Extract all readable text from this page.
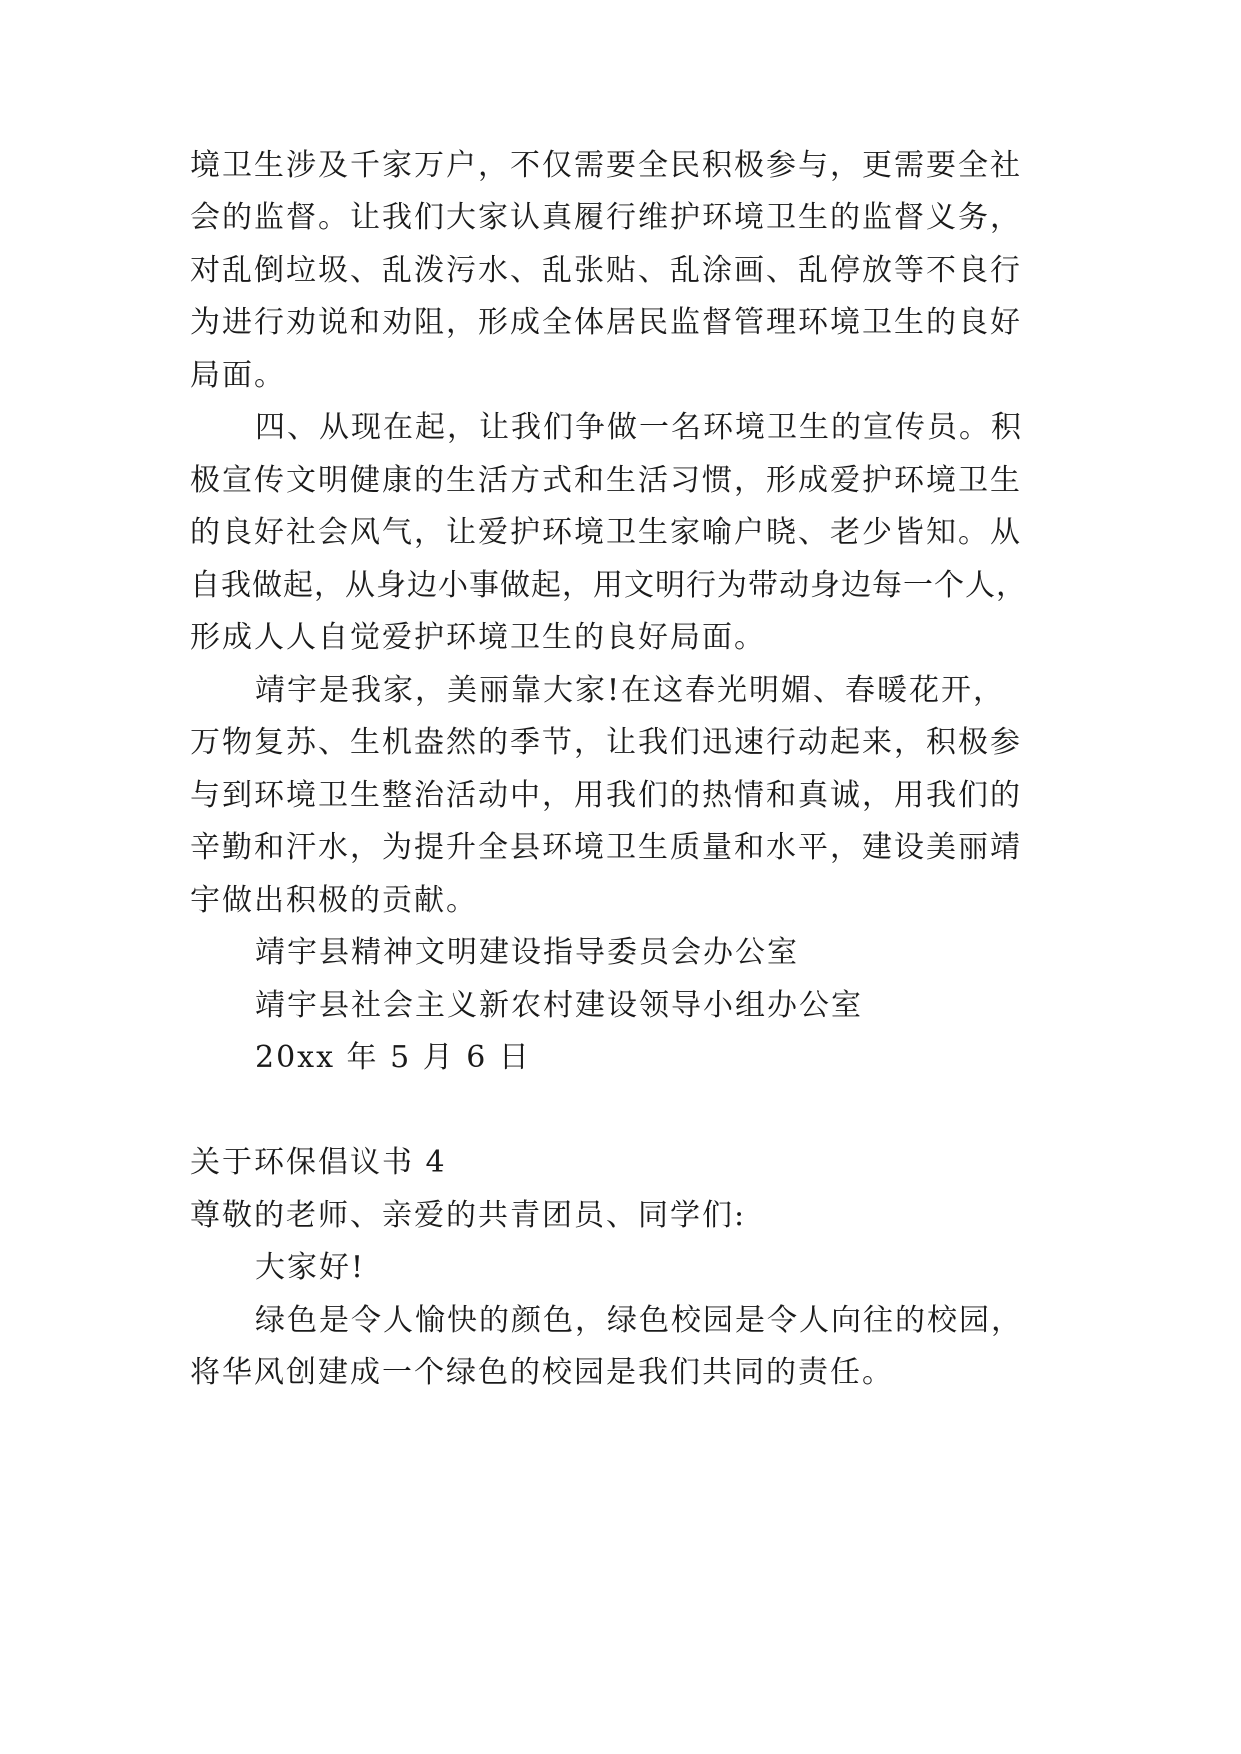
境卫生涉及千家万户，不仅需要全民积极参与，更需要全社
会的监督。让我们大家认真履行维护环境卫生的监督义务，
对乱倒垃圾、乱泼污水、乱张贴、乱涂画、乱停放等不良行
为进行劝说和劝阻，形成全体居民监督管理环境卫生的良好
局面。
四、从现在起，让我们争做一名环境卫生的宣传员。积
极宣传文明健康的生活方式和生活习惯，形成爱护环境卫生
的良好社会风气，让爱护环境卫生家喻户晓、老少皆知。从
自我做起，从身边小事做起，用文明行为带动身边每一个人，
形成人人自觉爱护环境卫生的良好局面。
靖宇是我家，美丽靠大家!在这春光明媚、春暖花开，
万物复苏、生机盎然的季节，让我们迅速行动起来，积极参
与到环境卫生整治活动中，用我们的热情和真诚，用我们的
辛勤和汗水，为提升全县环境卫生质量和水平，建设美丽靖
宇做出积极的贡献。
靖宇县精神文明建设指导委员会办公室
靖宇县社会主义新农村建设领导小组办公室
20xx 年 5 月 6 日
关于环保倡议书 4
尊敬的老师、亲爱的共青团员、同学们:
大家好!
绿色是令人愉快的颜色，绿色校园是令人向往的校园，
将华风创建成一个绿色的校园是我们共同的责任。
